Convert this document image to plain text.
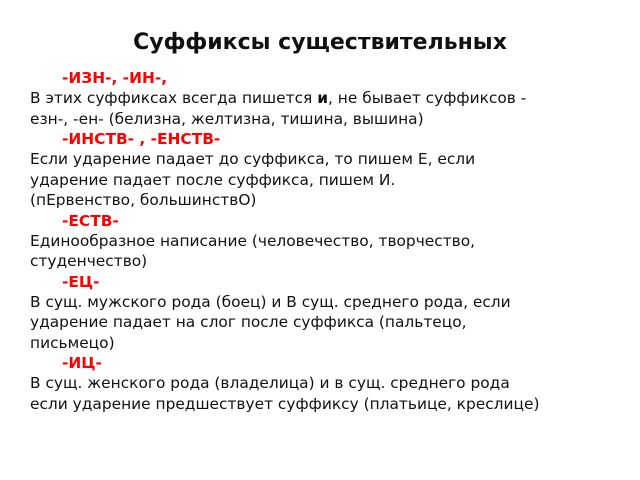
Суффиксы существительных
-ИЗН-, -ИН-,
В этих суффиксах всегда пишется и, не бывает суффиксов -
езн-, -ен- (белизна, желтизна, тишина, вышина)
-ИНСТВ- , -ЕНСТВ-
Если ударение падает до суффикса, то пишем Е, если
ударение падает после суффикса, пишем И.
(пЕрвенство, большинствО)
-ЕСТВ-
Единообразное написание (человечество, творчество,
студенчество)
-ЕЦ-
В сущ. мужского рода (боец) и В сущ. среднего рода, если
ударение падает на слог после суффикса (пальтецо,
письмецо)
-ИЦ-
В сущ. женского рода (владелица) и в сущ. среднего рода
если ударение предшествует суффиксу (платьице, креслице)
